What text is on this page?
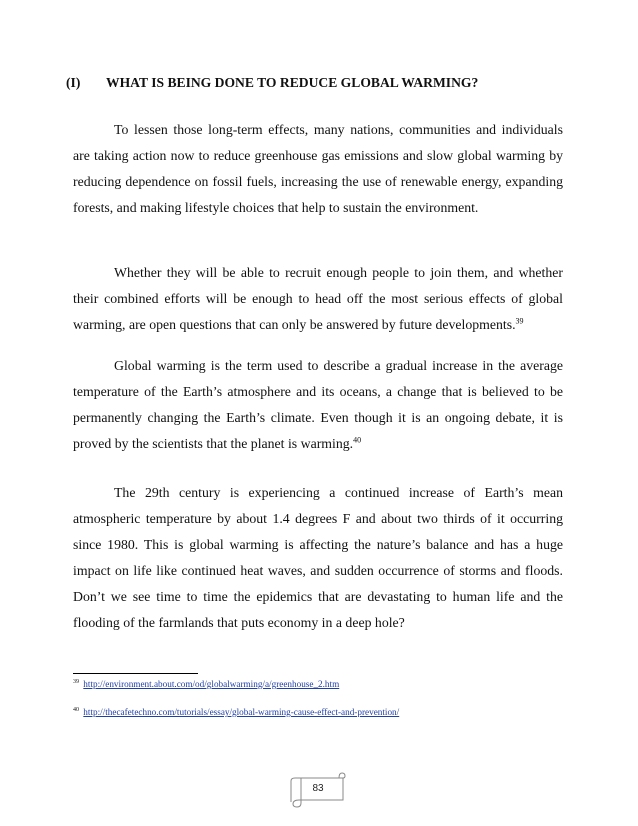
(I) WHAT IS BEING DONE TO REDUCE GLOBAL WARMING?

To lessen those long-term effects, many nations, communities and individuals are taking action now to reduce greenhouse gas emissions and slow global warming by reducing dependence on fossil fuels, increasing the use of renewable energy, expanding forests, and making lifestyle choices that help to sustain the environment.

Whether they will be able to recruit enough people to join them, and whether their combined efforts will be enough to head off the most serious effects of global warming, are open questions that can only be answered by future developments.$^{39}$

Global warming is the term used to describe a gradual increase in the average temperature of the Earth’s atmosphere and its oceans, a change that is believed to be permanently changing the Earth’s climate. Even though it is an ongoing debate, it is proved by the scientists that the planet is warming.$^{40}$

The 29th century is experiencing a continued increase of Earth’s mean atmospheric temperature by about 1.4 degrees F and about two thirds of it occurring since 1980. This is global warming is affecting the nature’s balance and has a huge impact on life like continued heat waves, and sudden occurrence of storms and floods. Don’t we see time to time the epidemics that are devastating to human life and the flooding of the farmlands that puts economy in a deep hole?

$^{39}$ http://environment.about.com/od/globalwarming/a/greenhouse_2.htm
$^{40}$ http://thecafetechno.com/tutorials/essay/global-warming-cause-effect-and-prevention/
83
